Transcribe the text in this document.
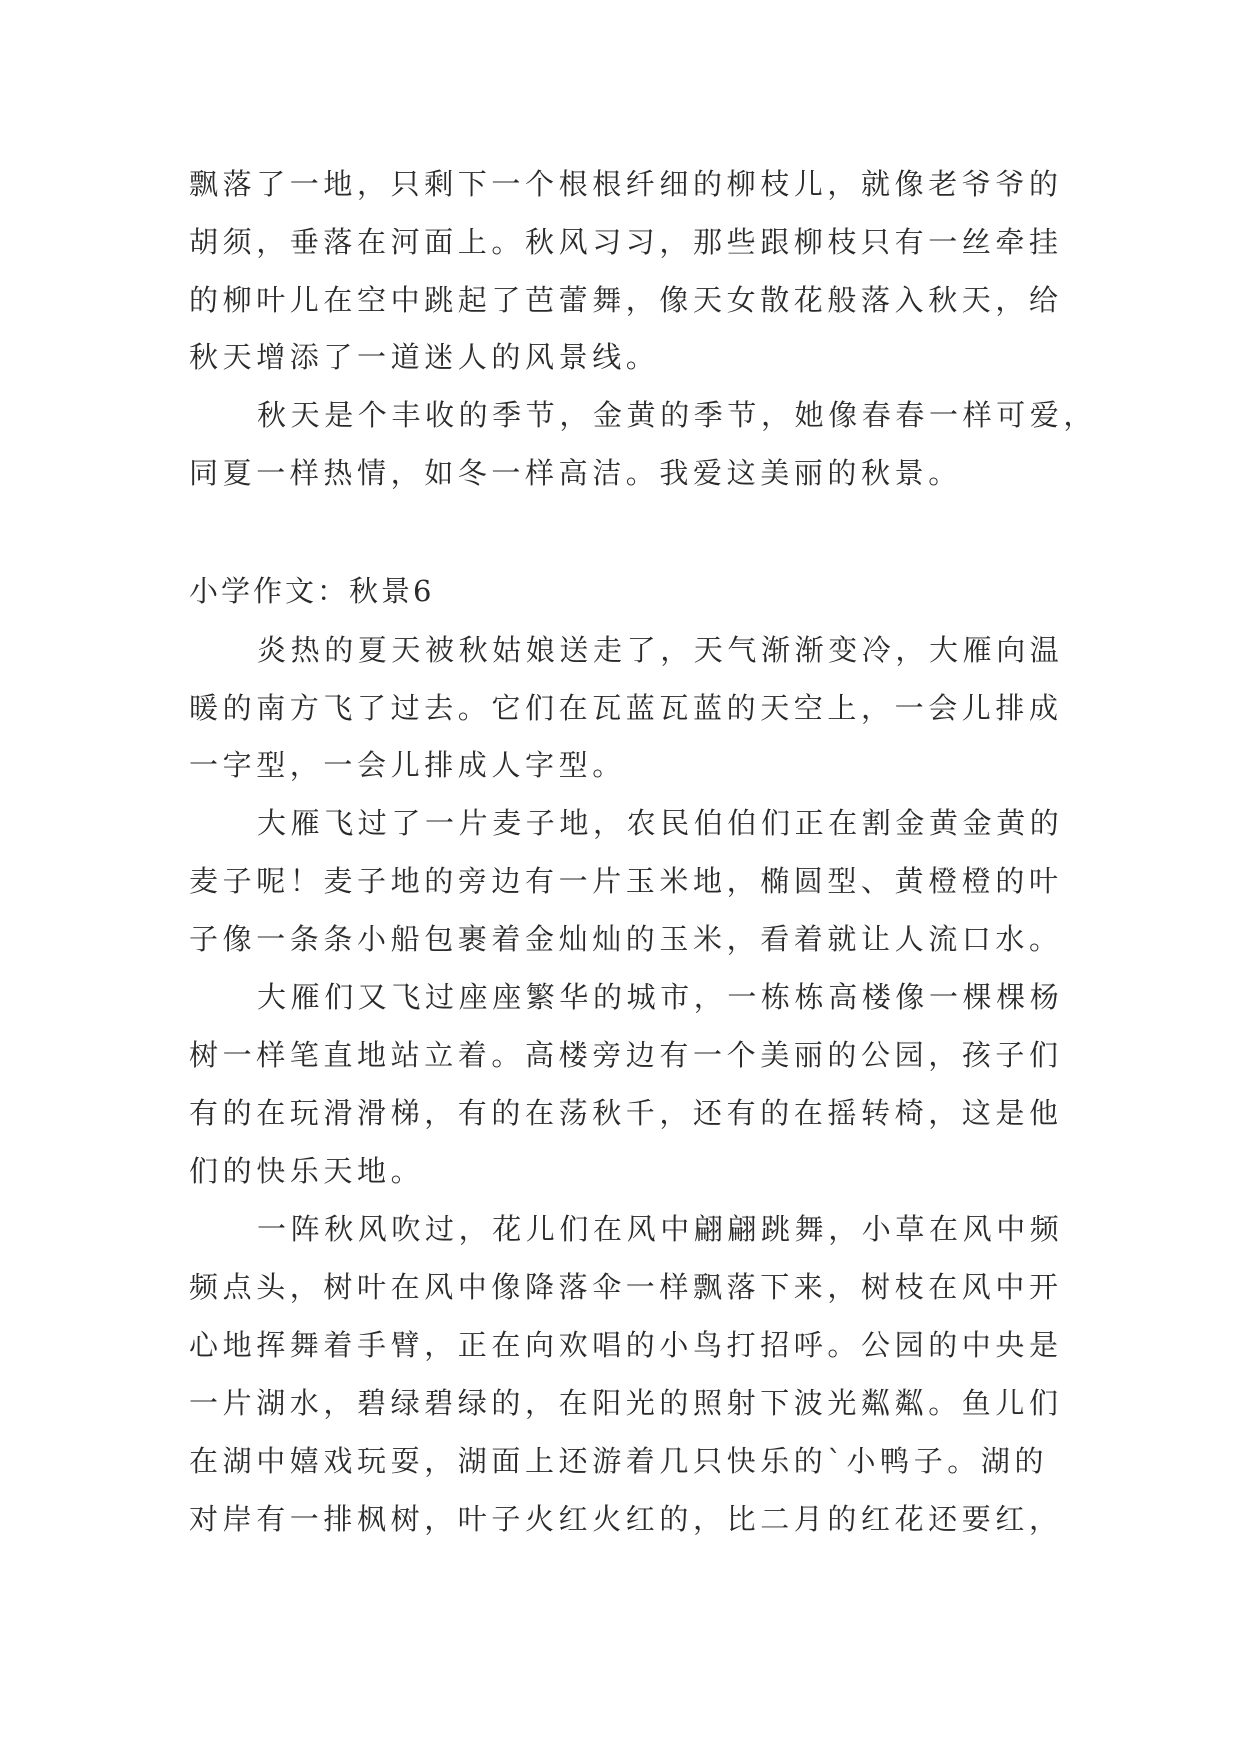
飘落了一地，只剩下一个根根纤细的柳枝儿，就像老爷爷的
胡须，垂落在河面上。秋风习习，那些跟柳枝只有一丝牵挂
的柳叶儿在空中跳起了芭蕾舞，像天女散花般落入秋天，给
秋天增添了一道迷人的风景线。
秋天是个丰收的季节，金黄的季节，她像春春一样可爱，
同夏一样热情，如冬一样高洁。我爱这美丽的秋景。
小学作文：秋景6
炎热的夏天被秋姑娘送走了，天气渐渐变冷，大雁向温
暖的南方飞了过去。它们在瓦蓝瓦蓝的天空上，一会儿排成
一字型，一会儿排成人字型。
大雁飞过了一片麦子地，农民伯伯们正在割金黄金黄的
麦子呢！麦子地的旁边有一片玉米地，椭圆型、黄橙橙的叶
子像一条条小船包裹着金灿灿的玉米，看着就让人流口水。
大雁们又飞过座座繁华的城市，一栋栋高楼像一棵棵杨
树一样笔直地站立着。高楼旁边有一个美丽的公园，孩子们
有的在玩滑滑梯，有的在荡秋千，还有的在摇转椅，这是他
们的快乐天地。
一阵秋风吹过，花儿们在风中翩翩跳舞，小草在风中频
频点头，树叶在风中像降落伞一样飘落下来，树枝在风中开
心地挥舞着手臂，正在向欢唱的小鸟打招呼。公园的中央是
一片湖水，碧绿碧绿的，在阳光的照射下波光粼粼。鱼儿们
在湖中嬉戏玩耍，湖面上还游着几只快乐的`小鸭子。湖的
对岸有一排枫树，叶子火红火红的，比二月的红花还要红，
